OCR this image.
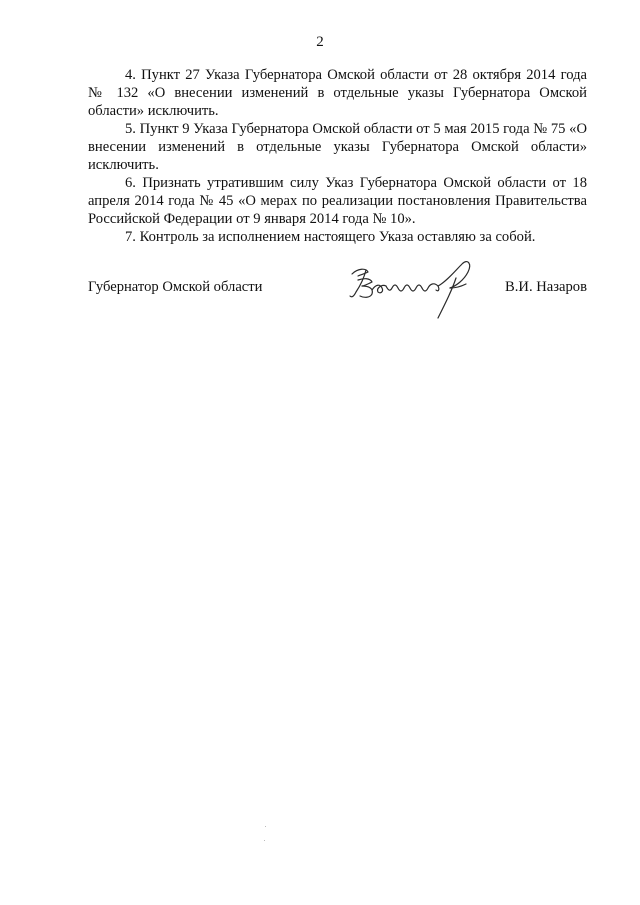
2

4. Пункт 27 Указа Губернатора Омской области от 28 октября 2014 года № 132 «О внесении изменений в отдельные указы Губернатора Омской области» исключить.

5. Пункт 9 Указа Губернатора Омской области от 5 мая 2015 года № 75 «О внесении изменений в отдельные указы Губернатора Омской области» исключить.

6. Признать утратившим силу Указ Губернатора Омской области от 18 апреля 2014 года № 45 «О мерах по реализации постановления Правительства Российской Федерации от 9 января 2014 года № 10».

7. Контроль за исполнением настоящего Указа оставляю за собой.

Губернатор Омской области	В.И. Назаров
